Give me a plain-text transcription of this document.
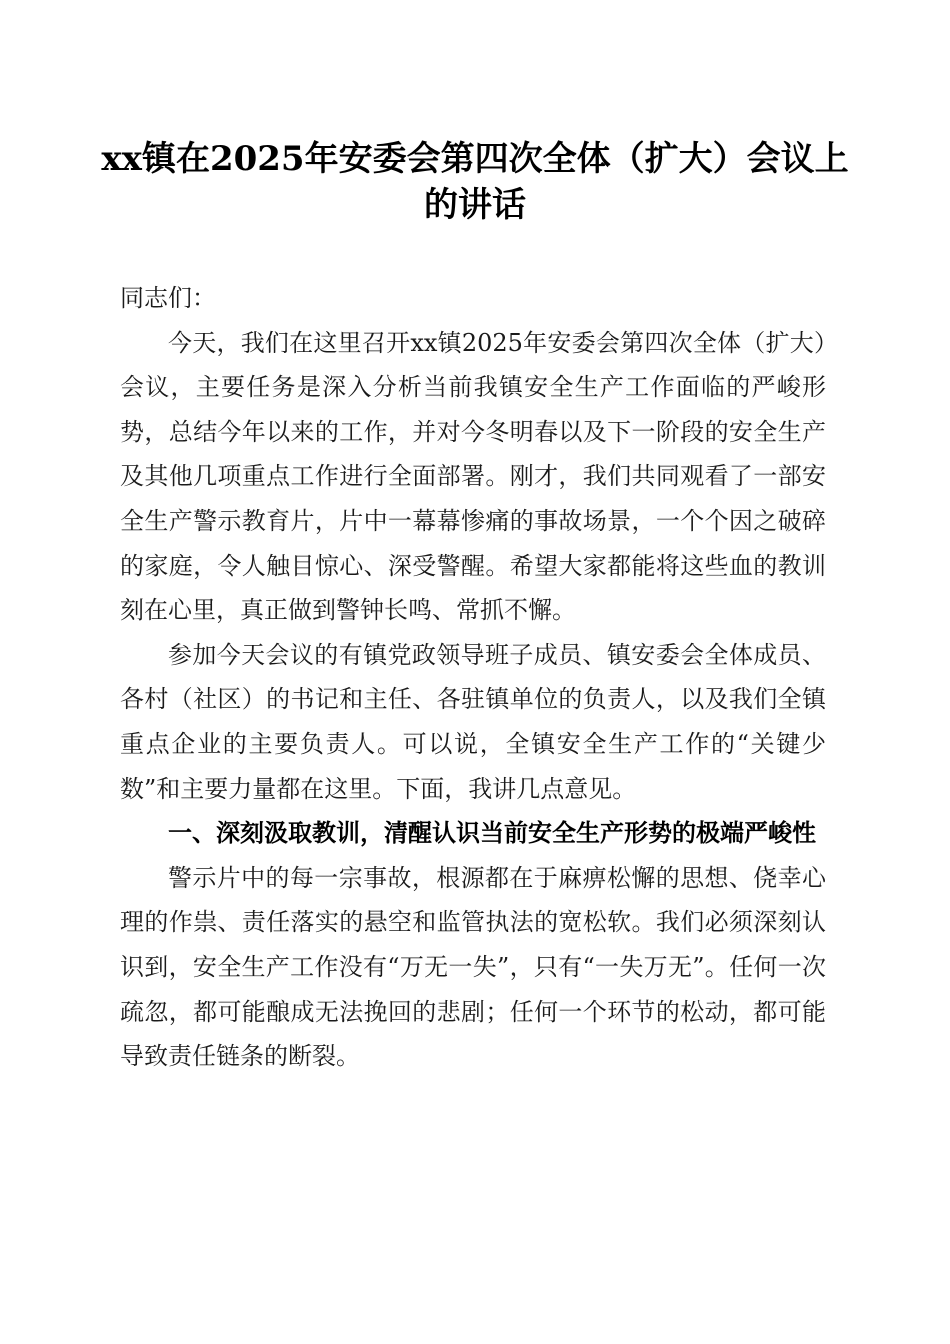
xx镇在2025年安委会第四次全体（扩大）会议上的讲话

同志们：

今天，我们在这里召开xx镇2025年安委会第四次全体（扩大）会议，主要任务是深入分析当前我镇安全生产工作面临的严峻形势，总结今年以来的工作，并对今冬明春以及下一阶段的安全生产及其他几项重点工作进行全面部署。刚才，我们共同观看了一部安全生产警示教育片，片中一幕幕惨痛的事故场景，一个个因之破碎的家庭，令人触目惊心、深受警醒。希望大家都能将这些血的教训刻在心里，真正做到警钟长鸣、常抓不懈。

参加今天会议的有镇党政领导班子成员、镇安委会全体成员、各村（社区）的书记和主任、各驻镇单位的负责人，以及我们全镇重点企业的主要负责人。可以说，全镇安全生产工作的“关键少数”和主要力量都在这里。下面，我讲几点意见。

一、深刻汲取教训，清醒认识当前安全生产形势的极端严峻性

警示片中的每一宗事故，根源都在于麻痹松懈的思想、侥幸心理的作祟、责任落实的悬空和监管执法的宽松软。我们必须深刻认识到，安全生产工作没有“万无一失”，只有“一失万无”。任何一次疏忽，都可能酿成无法挽回的悲剧；任何一个环节的松动，都可能导致责任链条的断裂。
